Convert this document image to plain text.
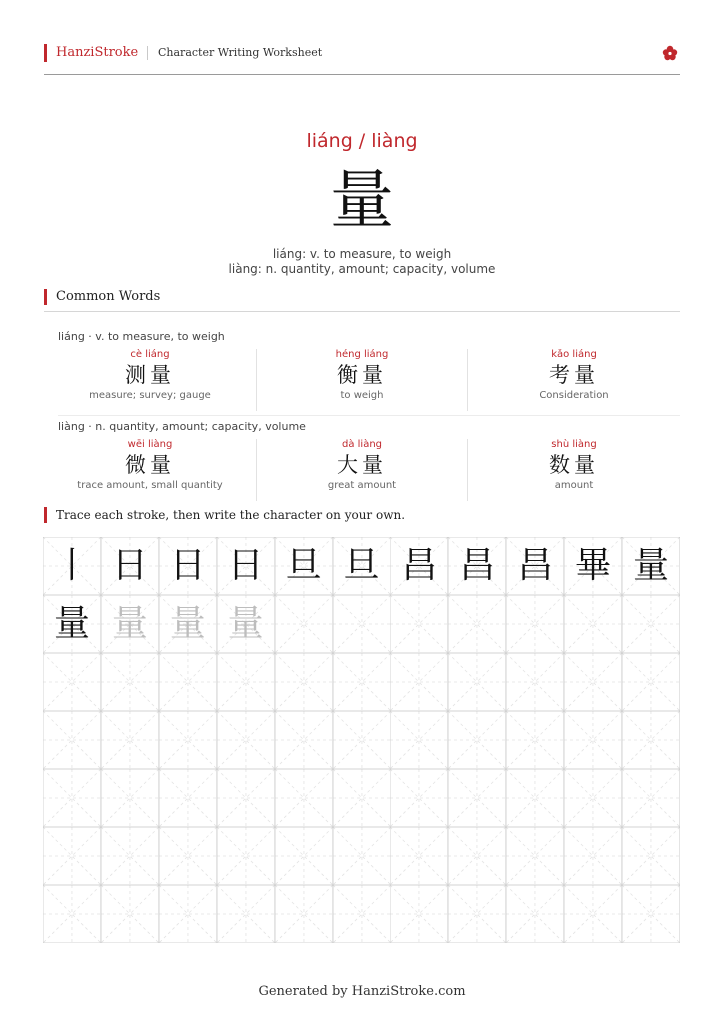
HanziStroke Character Writing Worksheet
liáng / liàng
量
liáng: v. to measure, to weigh
liàng: n. quantity, amount; capacity, volume
Common Words
liáng · v. to measure, to weigh
cè liáng
测量
measure; survey; gauge
héng liáng
衡量
to weigh
kǎo liáng
考量
Consideration
liàng · n. quantity, amount; capacity, volume
wēi liàng
微量
trace amount, small quantity
dà liàng
大量
great amount
shù liàng
数量
amount
Trace each stroke, then write the character on your own.
丨 日 日 日 旦 旦 昌 昌 昌 畢 量
量 量 量 量
Generated by HanziStroke.com
